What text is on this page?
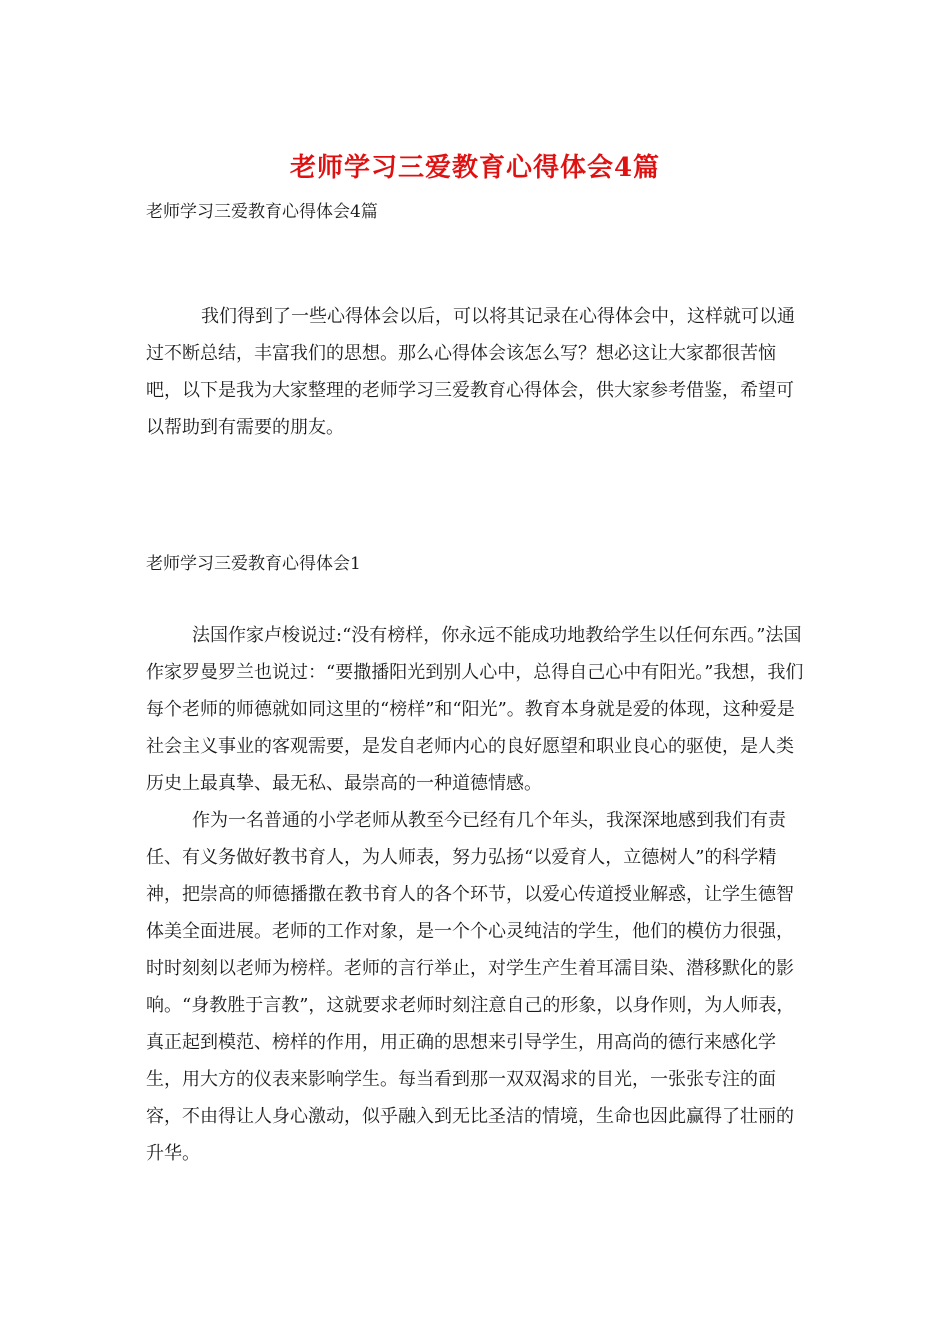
老师学习三爱教育心得体会4篇
老师学习三爱教育心得体会4篇

我们得到了一些心得体会以后，可以将其记录在心得体会中，这样就可以通过不断总结，丰富我们的思想。那么心得体会该怎么写？想必这让大家都很苦恼吧，以下是我为大家整理的老师学习三爱教育心得体会，供大家参考借鉴，希望可以帮助到有需要的朋友。

老师学习三爱教育心得体会1

法国作家卢梭说过:“没有榜样，你永远不能成功地教给学生以任何东西。”法国作家罗曼罗兰也说过：“要撒播阳光到别人心中，总得自己心中有阳光。”我想，我们每个老师的师德就如同这里的“榜样”和“阳光”。教育本身就是爱的体现，这种爱是社会主义事业的客观需要，是发自老师内心的良好愿望和职业良心的驱使，是人类历史上最真挚、最无私、最崇高的一种道德情感。

作为一名普通的小学老师从教至今已经有几个年头，我深深地感到我们有责任、有义务做好教书育人，为人师表，努力弘扬“以爱育人，立德树人”的科学精神，把崇高的师德播撒在教书育人的各个环节，以爱心传道授业解惑，让学生德智体美全面进展。老师的工作对象，是一个个心灵纯洁的学生，他们的模仿力很强，时时刻刻以老师为榜样。老师的言行举止，对学生产生着耳濡目染、潜移默化的影响。“身教胜于言教”，这就要求老师时刻注意自己的形象，以身作则，为人师表，真正起到模范、榜样的作用，用正确的思想来引导学生，用高尚的德行来感化学生，用大方的仪表来影响学生。每当看到那一双双渴求的目光，一张张专注的面容，不由得让人身心激动，似乎融入到无比圣洁的情境，生命也因此赢得了壮丽的升华。
